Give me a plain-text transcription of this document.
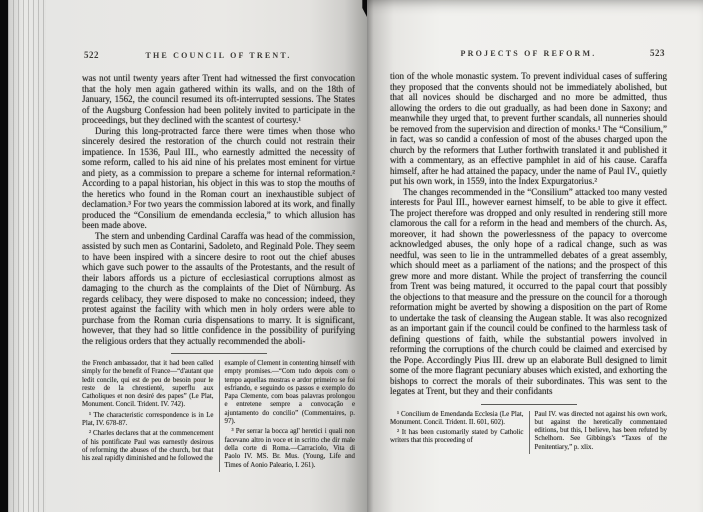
522	THE COUNCIL OF TRENT.

was not until twenty years after Trent had witnessed the first convocation that the holy men again gathered within its walls, and on the 18th of January, 1562, the council resumed its oft-interrupted sessions. The States of the Augsburg Confession had been politely invited to participate in the proceedings, but they declined with the scantest of courtesy.¹

During this long-protracted farce there were times when those who sincerely desired the restoration of the church could not restrain their impatience. In 1536, Paul III., who earnestly admitted the necessity of some reform, called to his aid nine of his prelates most eminent for virtue and piety, as a commission to prepare a scheme for internal reformation.² According to a papal historian, his object in this was to stop the mouths of the heretics who found in the Roman court an inexhaustible subject of declamation.³ For two years the commission labored at its work, and finally produced the “Consilium de emendanda ecclesia,” to which allusion has been made above.

The stern and unbending Cardinal Caraffa was head of the commission, assisted by such men as Contarini, Sadoleto, and Reginald Pole. They seem to have been inspired with a sincere desire to root out the chief abuses which gave such power to the assaults of the Protestants, and the result of their labors affords us a picture of ecclesiastical corruptions almost as damaging to the church as the complaints of the Diet of Nürnburg. As regards celibacy, they were disposed to make no concession; indeed, they protest against the facility with which men in holy orders were able to purchase from the Roman curia dispensations to marry. It is significant, however, that they had so little confidence in the possibility of purifying the religious orders that they actually recommended the aboli-

the French ambassador, that it had been called simply for the benefit of France—“d'autant que ledit concile, qui est de peu de besoin pour le reste de la chrestienté, superflu aux Catholiques et non desiré des papes” (Le Plat, Monument. Concil. Trident. IV. 742).

¹ The characteristic correspondence is in Le Plat, IV. 678-87.

² Charles declares that at the commencement of his pontificate Paul was earnestly desirous of reforming the abuses of the church, but that his zeal rapidly diminished and he followed the

example of Clement in contenting himself with empty promises.—“Com tudo depois com o tempo aquellas mostras e ardor primeiro se foi esfriando, e seguindo os passos e exemplo do Papa Clemente, com boas palavras prolongou e entretene sempre a convocação e ajuntamento do concilio” (Commentaires, p. 97).

³ Per serrar la bocca agl' heretici i quali non facevano altro in voce et in scritto che dir male della corte di Roma.—Carraciolo, Vita di Paolo IV. MS. Br. Mus. (Young, Life and Times of Aonio Paleario, I. 261).

PROJECTS OF REFORM.	523

tion of the whole monastic system. To prevent individual cases of suffering they proposed that the convents should not be immediately abolished, but that all novices should be discharged and no more be admitted, thus allowing the orders to die out gradually, as had been done in Saxony; and meanwhile they urged that, to prevent further scandals, all nunneries should be removed from the supervision and direction of monks.¹ The “Consilium,” in fact, was so candid a confession of most of the abuses charged upon the church by the reformers that Luther forthwith translated it and published it with a commentary, as an effective pamphlet in aid of his cause. Caraffa himself, after he had attained the papacy, under the name of Paul IV., quietly put his own work, in 1559, into the Index Expurgatorius.²

The changes recommended in the “Consilium” attacked too many vested interests for Paul III., however earnest himself, to be able to give it effect. The project therefore was dropped and only resulted in rendering still more clamorous the call for a reform in the head and members of the church. As, moreover, it had shown the powerlessness of the papacy to overcome acknowledged abuses, the only hope of a radical change, such as was needful, was seen to lie in the untrammelled debates of a great assembly, which should meet as a parliament of the nations; and the prospect of this grew more and more distant. While the project of transferring the council from Trent was being matured, it occurred to the papal court that possibly the objections to that measure and the pressure on the council for a thorough reformation might be averted by showing a disposition on the part of Rome to undertake the task of cleansing the Augean stable. It was also recognized as an important gain if the council could be confined to the harmless task of defining questions of faith, while the substantial powers involved in reforming the corruptions of the church could be claimed and exercised by the Pope. Accordingly Pius III. drew up an elaborate Bull designed to limit some of the more flagrant pecuniary abuses which existed, and exhorting the bishops to correct the morals of their subordinates. This was sent to the legates at Trent, but they and their confidants

¹ Concilium de Emendanda Ecclesia (Le Plat, Monument. Concil. Trident. II. 601, 602).

² It has been customarily stated by Catholic writers that this proceeding of

Paul IV. was directed not against his own work, but against the heretically commentated editions, but this, I believe, has been refuted by Schelhorn. See Gibbings's “Taxes of the Penitentiary,” p. xlix.
